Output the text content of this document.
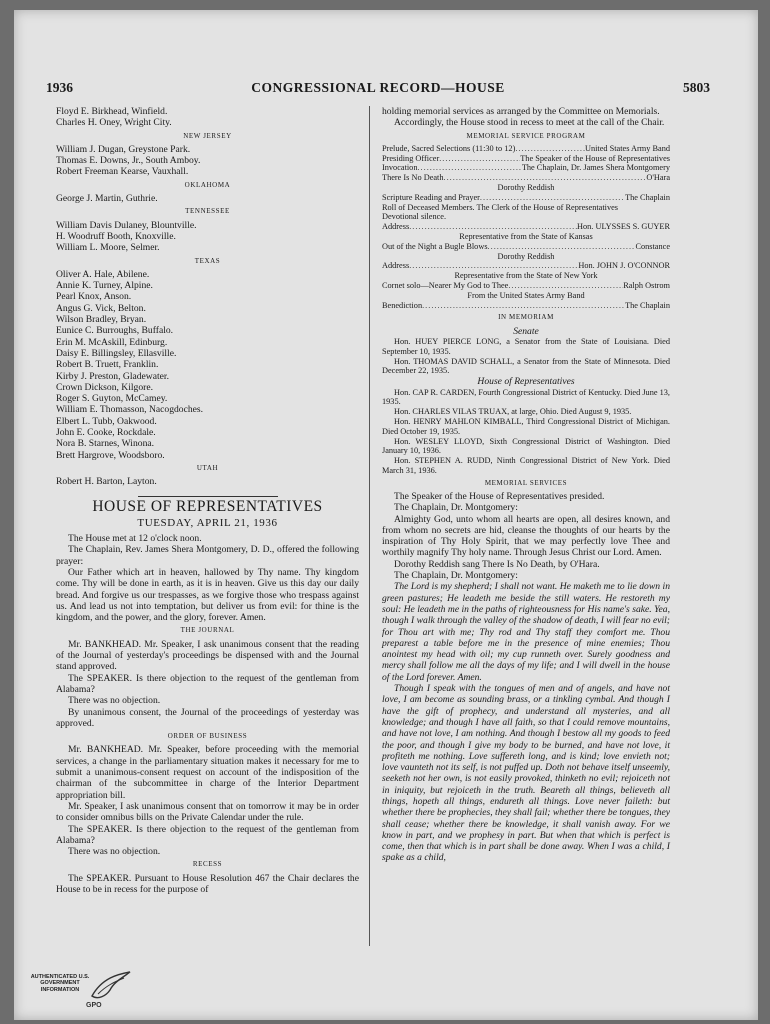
1936	CONGRESSIONAL RECORD—HOUSE	5803

Floyd E. Birkhead, Winfield.

Charles H. Oney, Wright City.

NEW JERSEY

William J. Dugan, Greystone Park.

Thomas E. Downs, Jr., South Amboy.

Robert Freeman Kearse, Vauxhall.

OKLAHOMA

George J. Martin, Guthrie.

TENNESSEE

William Davis Dulaney, Blountville.

H. Woodruff Booth, Knoxville.

William L. Moore, Selmer.

TEXAS

Oliver A. Hale, Abilene.

Annie K. Turney, Alpine.

Pearl Knox, Anson.

Angus G. Vick, Belton.

Wilson Bradley, Bryan.

Eunice C. Burroughs, Buffalo.

Erin M. McAskill, Edinburg.

Daisy E. Billingsley, Ellasville.

Robert B. Truett, Franklin.

Kirby J. Preston, Gladewater.

Crown Dickson, Kilgore.

Roger S. Guyton, McCamey.

William E. Thomasson, Nacogdoches.

Elbert L. Tubb, Oakwood.

John E. Cooke, Rockdale.

Nora B. Starnes, Winona.

Brett Hargrove, Woodsboro.

UTAH

Robert H. Barton, Layton.

HOUSE OF REPRESENTATIVES

TUESDAY, APRIL 21, 1936

The House met at 12 o'clock noon.

The Chaplain, Rev. James Shera Montgomery, D. D., offered the following prayer:

Our Father which art in heaven, hallowed by Thy name. Thy kingdom come. Thy will be done in earth, as it is in heaven. Give us this day our daily bread. And forgive us our trespasses, as we forgive those who trespass against us. And lead us not into temptation, but deliver us from evil: for thine is the kingdom, and the power, and the glory, forever. Amen.

THE JOURNAL

Mr. BANKHEAD. Mr. Speaker, I ask unanimous consent that the reading of the Journal of yesterday's proceedings be dispensed with and the Journal stand approved.

The SPEAKER. Is there objection to the request of the gentleman from Alabama?

There was no objection.

By unanimous consent, the Journal of the proceedings of yesterday was approved.

ORDER OF BUSINESS

Mr. BANKHEAD. Mr. Speaker, before proceeding with the memorial services, a change in the parliamentary situation makes it necessary for me to submit a unanimous-consent request on account of the indisposition of the chairman of the subcommittee in charge of the Interior Department appropriation bill.

Mr. Speaker, I ask unanimous consent that on tomorrow it may be in order to consider omnibus bills on the Private Calendar under the rule.

The SPEAKER. Is there objection to the request of the gentleman from Alabama?

There was no objection.

RECESS

The SPEAKER. Pursuant to House Resolution 467 the Chair declares the House to be in recess for the purpose of

holding memorial services as arranged by the Committee on Memorials.

Accordingly, the House stood in recess to meet at the call of the Chair.

MEMORIAL SERVICE PROGRAM

Prelude, Sacred Selections (11:30 to 12) .....	United States Army Band
Presiding Officer .....	The Speaker of the House of Representatives
Invocation .....	The Chaplain, Dr. James Shera Montgomery
There Is No Death .....	O'Hara

Dorothy Reddish

Scripture Reading and Prayer .....	The Chaplain

Roll of Deceased Members. The Clerk of the House of Representatives

Devotional silence.

Address .....	Hon. ULYSSES S. GUYER

Representative from the State of Kansas

Out of the Night a Bugle Blows .....	Constance

Dorothy Reddish

Address .....	Hon. JOHN J. O'CONNOR

Representative from the State of New York

Cornet solo—Nearer My God to Thee .....	Ralph Ostrom

From the United States Army Band

Benediction .....	The Chaplain

IN MEMORIAM

Senate

Hon. HUEY PIERCE LONG, a Senator from the State of Louisiana. Died September 10, 1935.

Hon. THOMAS DAVID SCHALL, a Senator from the State of Minnesota. Died December 22, 1935.

House of Representatives

Hon. CAP R. CARDEN, Fourth Congressional District of Kentucky. Died June 13, 1935.

Hon. CHARLES VILAS TRUAX, at large, Ohio. Died August 9, 1935.

Hon. HENRY MAHLON KIMBALL, Third Congressional District of Michigan. Died October 19, 1935.

Hon. WESLEY LLOYD, Sixth Congressional District of Washington. Died January 10, 1936.

Hon. STEPHEN A. RUDD, Ninth Congressional District of New York. Died March 31, 1936.

MEMORIAL SERVICES

The Speaker of the House of Representatives presided.

The Chaplain, Dr. Montgomery:

Almighty God, unto whom all hearts are open, all desires known, and from whom no secrets are hid, cleanse the thoughts of our hearts by the inspiration of Thy Holy Spirit, that we may perfectly love Thee and worthily magnify Thy holy name. Through Jesus Christ our Lord. Amen.

Dorothy Reddish sang There Is No Death, by O'Hara.

The Chaplain, Dr. Montgomery:

The Lord is my shepherd; I shall not want. He maketh me to lie down in green pastures; He leadeth me beside the still waters. He restoreth my soul: He leadeth me in the paths of righteousness for His name's sake. Yea, though I walk through the valley of the shadow of death, I will fear no evil; for Thou art with me; Thy rod and Thy staff they comfort me. Thou preparest a table before me in the presence of mine enemies; Thou anointest my head with oil; my cup runneth over. Surely goodness and mercy shall follow me all the days of my life; and I will dwell in the house of the Lord forever. Amen.

Though I speak with the tongues of men and of angels, and have not love, I am become as sounding brass, or a tinkling cymbal. And though I have the gift of prophecy, and understand all mysteries, and all knowledge; and though I have all faith, so that I could remove mountains, and have not love, I am nothing. And though I bestow all my goods to feed the poor, and though I give my body to be burned, and have not love, it profiteth me nothing. Love suffereth long, and is kind; love envieth not; love vaunteth not its self, is not puffed up. Doth not behave itself unseemly, seeketh not her own, is not easily provoked, thinketh no evil; rejoiceth not in iniquity, but rejoiceth in the truth. Beareth all things, believeth all things, hopeth all things, endureth all things. Love never faileth: but whether there be prophecies, they shall fail; whether there be tongues, they shall cease; whether there be knowledge, it shall vanish away. For we know in part, and we prophesy in part. But when that which is perfect is come, then that which is in part shall be done away. When I was a child, I spake as a child,

AUTHENTICATED U.S. GOVERNMENT INFORMATION
GPO
